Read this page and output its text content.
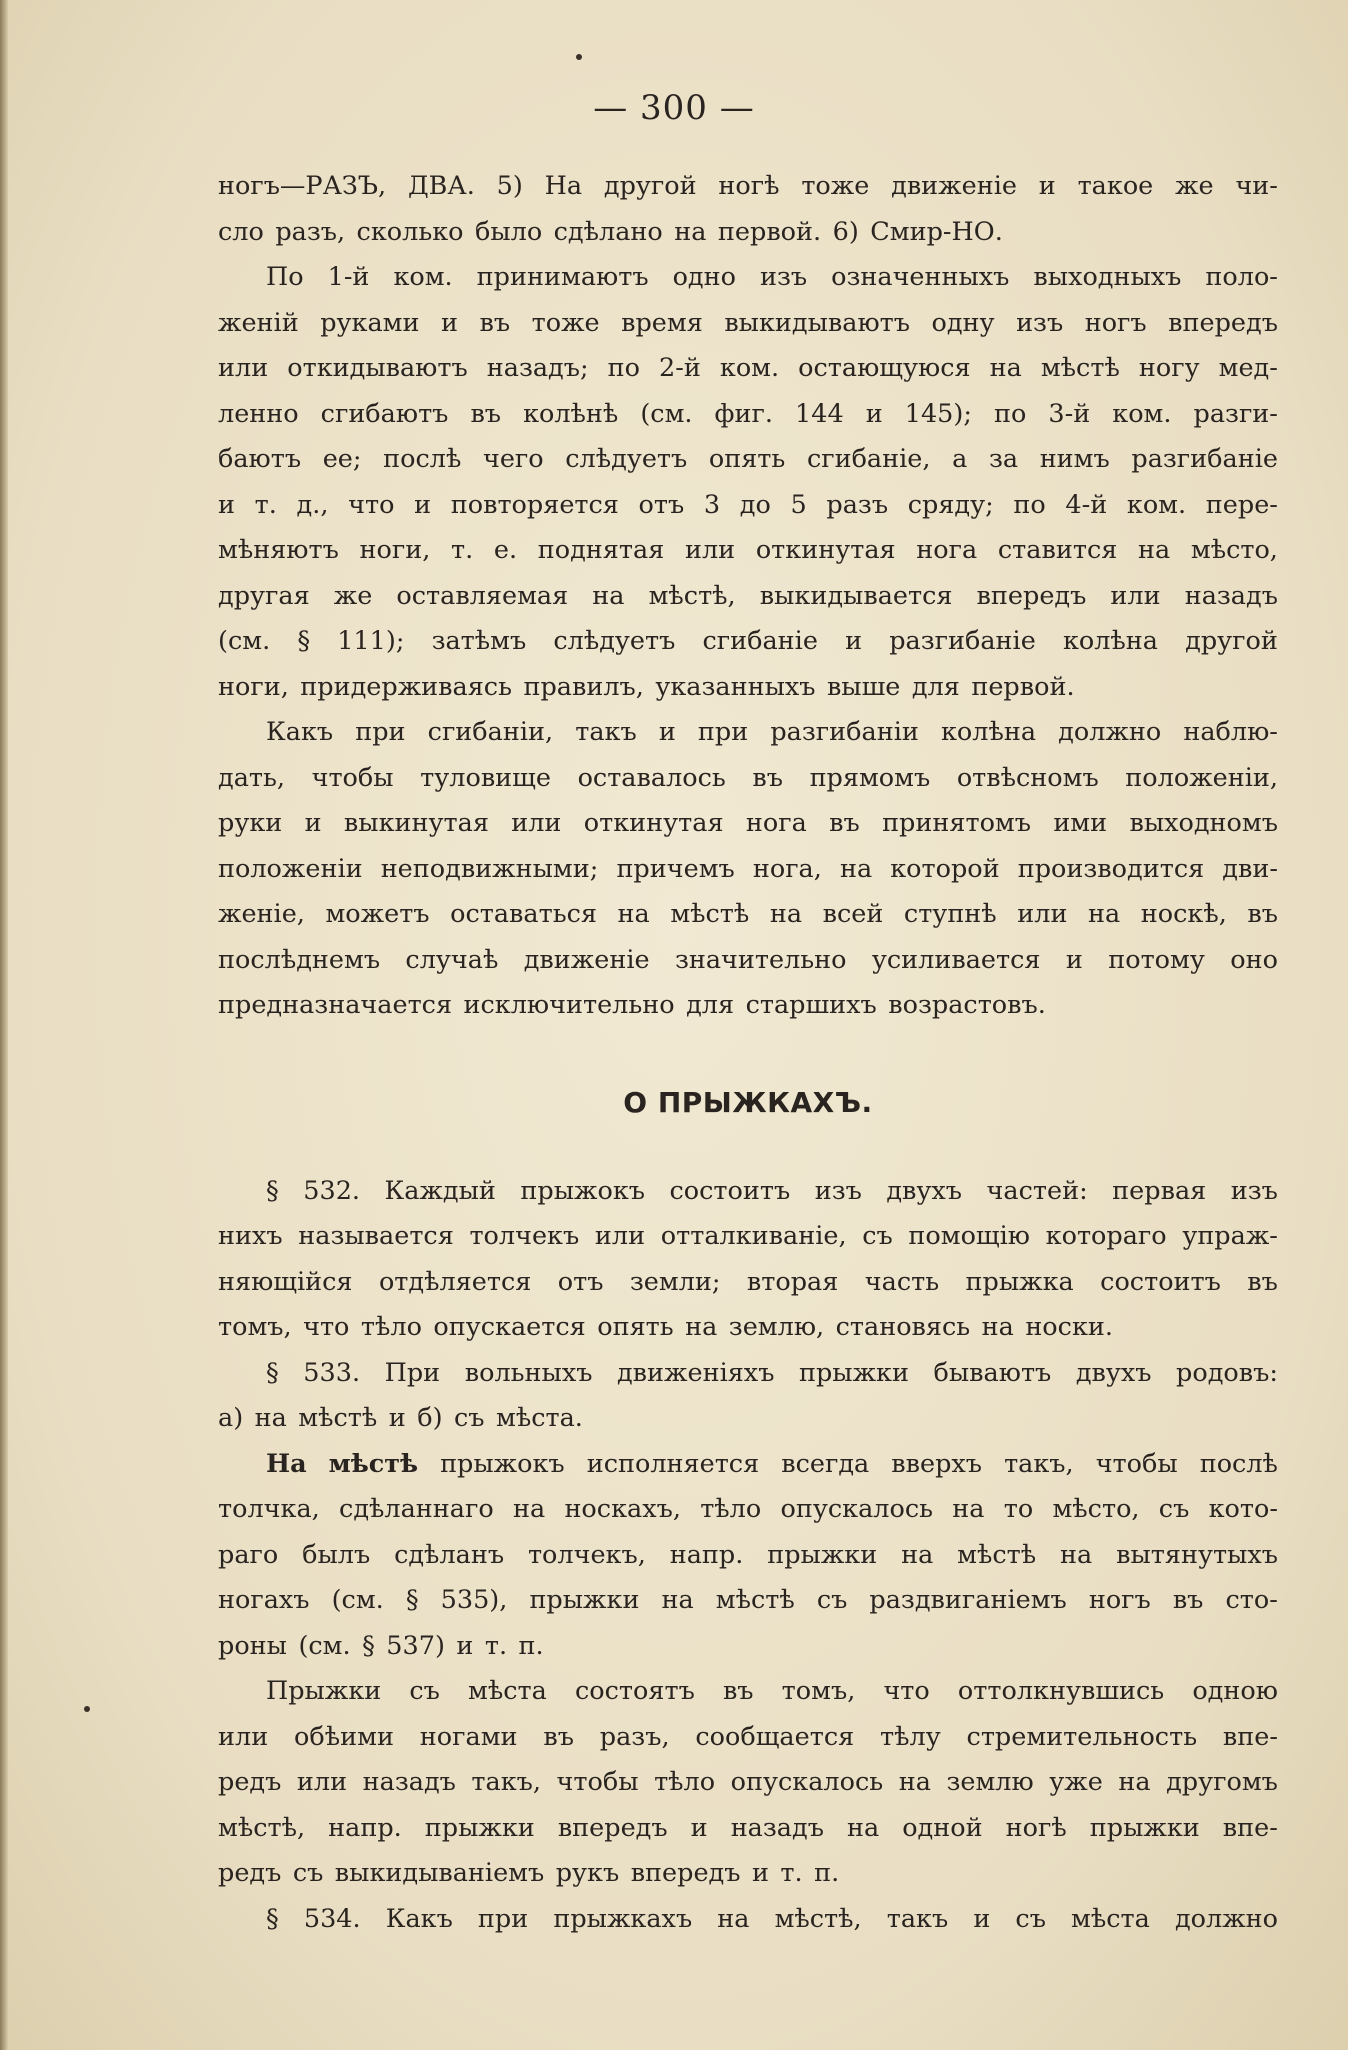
— 300 —
ногъ—РАЗЪ, ДВА. 5) На другой ногѣ тоже движеніе и такое же чи-
сло разъ, сколько было сдѣлано на первой. 6) Смир-НО.
По 1-й ком. принимаютъ одно изъ означенныхъ выходныхъ поло-
женій руками и въ тоже время выкидываютъ одну изъ ногъ впередъ
или откидываютъ назадъ; по 2-й ком. остающуюся на мѣстѣ ногу мед-
ленно сгибаютъ въ колѣнѣ (см. фиг. 144 и 145); по 3-й ком. разги-
баютъ ее; послѣ чего слѣдуетъ опять сгибаніе, а за нимъ разгибаніе
и т. д., что и повторяется отъ 3 до 5 разъ сряду; по 4-й ком. пере-
мѣняютъ ноги, т. е. поднятая или откинутая нога ставится на мѣсто,
другая же оставляемая на мѣстѣ, выкидывается впередъ или назадъ
(см. § 111); затѣмъ слѣдуетъ сгибаніе и разгибаніе колѣна другой
ноги, придерживаясь правилъ, указанныхъ выше для первой.
Какъ при сгибаніи, такъ и при разгибаніи колѣна должно наблю-
дать, чтобы туловище оставалось въ прямомъ отвѣсномъ положеніи,
руки и выкинутая или откинутая нога въ принятомъ ими выходномъ
положеніи неподвижными; причемъ нога, на которой производится дви-
женіе, можетъ оставаться на мѣстѣ на всей ступнѣ или на носкѣ, въ
послѣднемъ случаѣ движеніе значительно усиливается и потому оно
предназначается исключительно для старшихъ возрастовъ.
О ПРЫЖКАХЪ.
§ 532. Каждый прыжокъ состоитъ изъ двухъ частей: первая изъ
нихъ называется толчекъ или отталкиваніе, съ помощію котораго упраж-
няющійся отдѣляется отъ земли; вторая часть прыжка состоитъ въ
томъ, что тѣло опускается опять на землю, становясь на носки.
§ 533. При вольныхъ движеніяхъ прыжки бываютъ двухъ родовъ:
а) на мѣстѣ и б) съ мѣста.
На мѣстѣ прыжокъ исполняется всегда вверхъ такъ, чтобы послѣ
толчка, сдѣланнаго на носкахъ, тѣло опускалось на то мѣсто, съ кото-
раго былъ сдѣланъ толчекъ, напр. прыжки на мѣстѣ на вытянутыхъ
ногахъ (см. § 535), прыжки на мѣстѣ съ раздвиганіемъ ногъ въ сто-
роны (см. § 537) и т. п.
Прыжки съ мѣста состоятъ въ томъ, что оттолкнувшись одною
или обѣими ногами въ разъ, сообщается тѣлу стремительность впе-
редъ или назадъ такъ, чтобы тѣло опускалось на землю уже на другомъ
мѣстѣ, напр. прыжки впередъ и назадъ на одной ногѣ прыжки впе-
редъ съ выкидываніемъ рукъ впередъ и т. п.
§ 534. Какъ при прыжкахъ на мѣстѣ, такъ и съ мѣста должно
